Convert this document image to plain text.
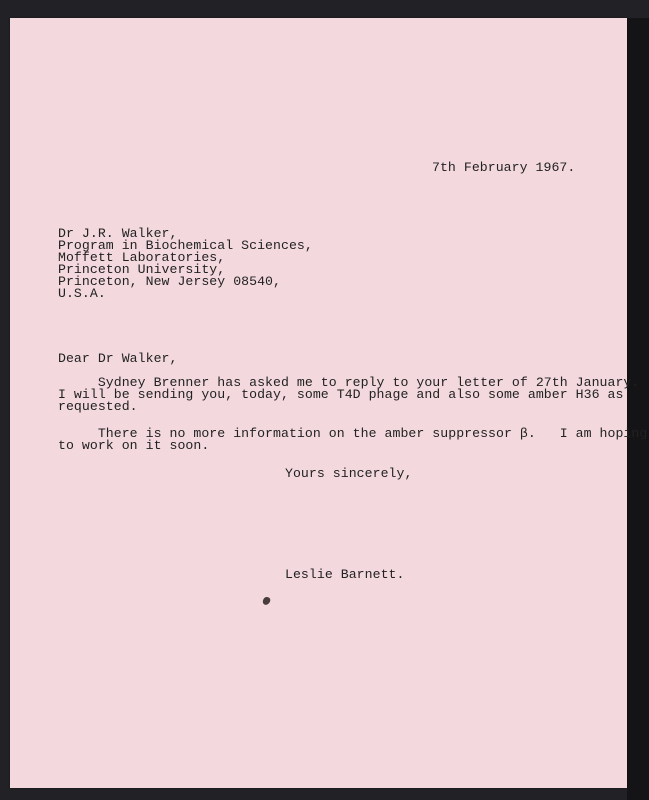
7th February 1967.

Dr J.R. Walker,

Program in Biochemical Sciences,

Moffett Laboratories,

Princeton University,

Princeton, New Jersey 08540,

U.S.A.

Dear Dr Walker,

Sydney Brenner has asked me to reply to your letter of 27th January.

I will be sending you, today, some T4D phage and also some amber H36 as

requested.

There is no more information on the amber suppressor β.   I am hoping

to work on it soon.

Yours sincerely,

Leslie Barnett.
